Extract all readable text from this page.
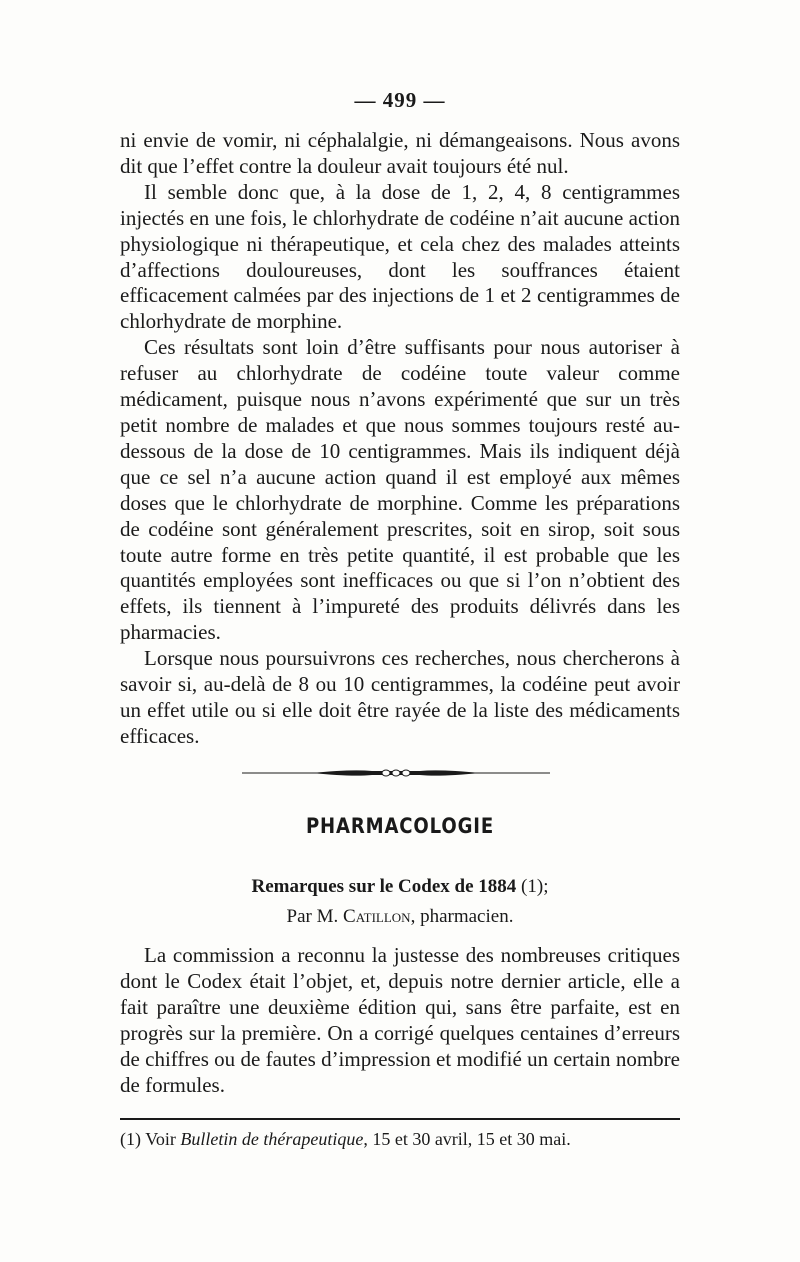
— 499 —

ni envie de vomir, ni céphalalgie, ni démangeaisons. Nous avons dit que l’effet contre la douleur avait toujours été nul.

Il semble donc que, à la dose de 1, 2, 4, 8 centigrammes injectés en une fois, le chlorhydrate de codéine n’ait aucune action physiologique ni thérapeutique, et cela chez des malades atteints d’affections douloureuses, dont les souffrances étaient efficacement calmées par des injections de 1 et 2 centigrammes de chlorhydrate de morphine.

Ces résultats sont loin d’être suffisants pour nous autoriser à refuser au chlorhydrate de codéine toute valeur comme médicament, puisque nous n’avons expérimenté que sur un très petit nombre de malades et que nous sommes toujours resté au-dessous de la dose de 10 centigrammes. Mais ils indiquent déjà que ce sel n’a aucune action quand il est employé aux mêmes doses que le chlorhydrate de morphine. Comme les préparations de codéine sont généralement prescrites, soit en sirop, soit sous toute autre forme en très petite quantité, il est probable que les quantités employées sont inefficaces ou que si l’on n’obtient des effets, ils tiennent à l’impureté des produits délivrés dans les pharmacies.

Lorsque nous poursuivrons ces recherches, nous chercherons à savoir si, au-delà de 8 ou 10 centigrammes, la codéine peut avoir un effet utile ou si elle doit être rayée de la liste des médicaments efficaces.

PHARMACOLOGIE
Remarques sur le Codex de 1884 (1);
Par M. Catillon, pharmacien.

La commission a reconnu la justesse des nombreuses critiques dont le Codex était l’objet, et, depuis notre dernier article, elle a fait paraître une deuxième édition qui, sans être parfaite, est en progrès sur la première. On a corrigé quelques centaines d’erreurs de chiffres ou de fautes d’impression et modifié un certain nombre de formules.

(1) Voir Bulletin de thérapeutique, 15 et 30 avril, 15 et 30 mai.
